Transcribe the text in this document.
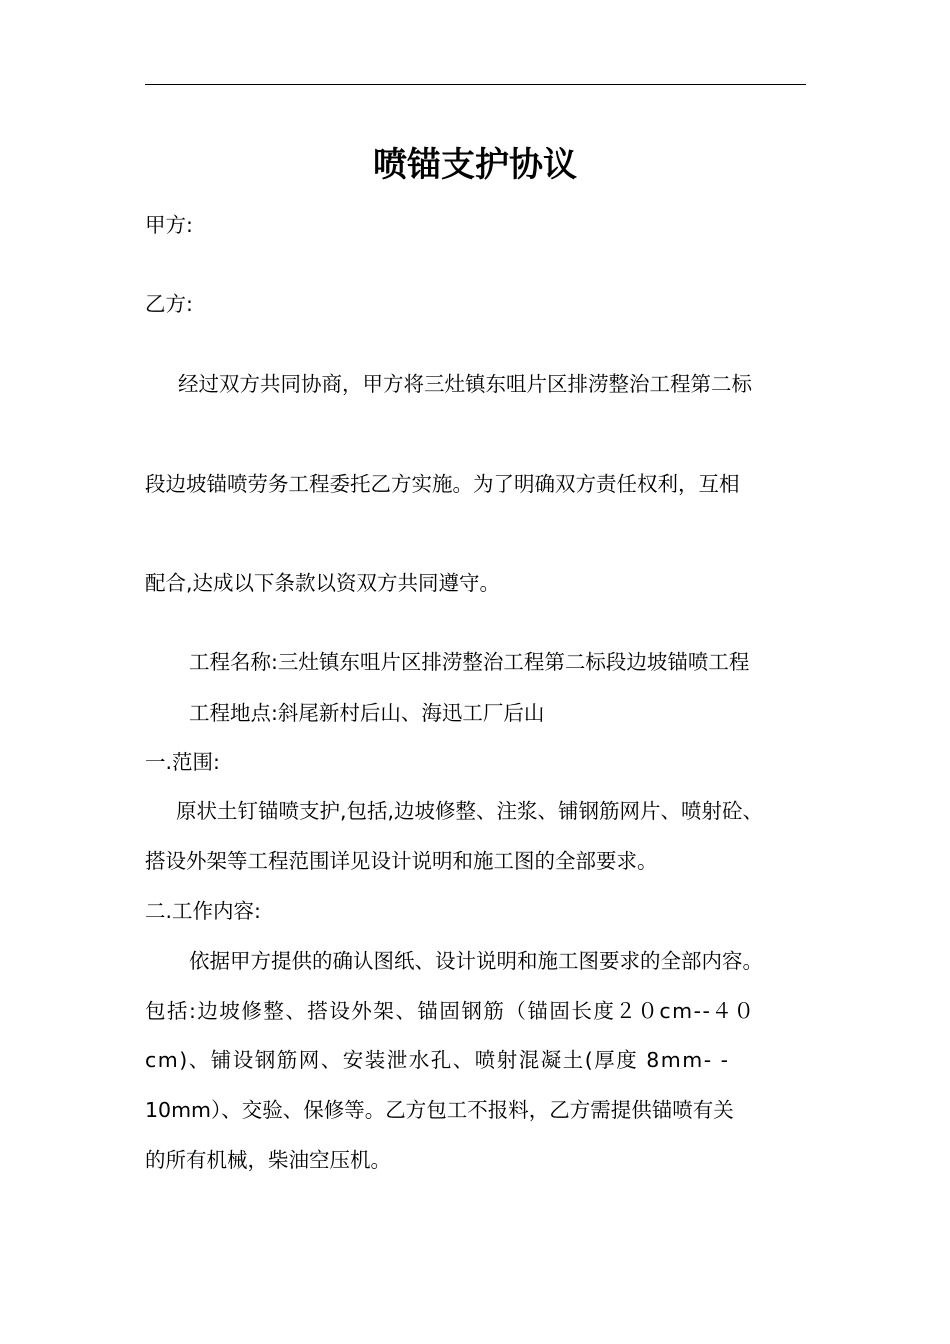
喷锚支护协议

甲方:

乙方:

经过双方共同协商，甲方将三灶镇东咀片区排涝整治工程第二标

段边坡锚喷劳务工程委托乙方实施。为了明确双方责任权利，互相

配合,达成以下条款以资双方共同遵守。

工程名称:三灶镇东咀片区排涝整治工程第二标段边坡锚喷工程

工程地点:斜尾新村后山、海迅工厂后山

一.范围:

原状土钉锚喷支护,包括,边坡修整、注浆、铺钢筋网片、喷射砼、

搭设外架等工程范围详见设计说明和施工图的全部要求。

二.工作内容:

依据甲方提供的确认图纸、设计说明和施工图要求的全部内容。

包括:边坡修整、搭设外架、锚固钢筋（锚固长度２０cm--４０

cm)、铺设钢筋网、安装泄水孔、喷射混凝土(厚度 8mm- -

10mm）、交验、保修等。乙方包工不报料，乙方需提供锚喷有关

的所有机械，柴油空压机。
